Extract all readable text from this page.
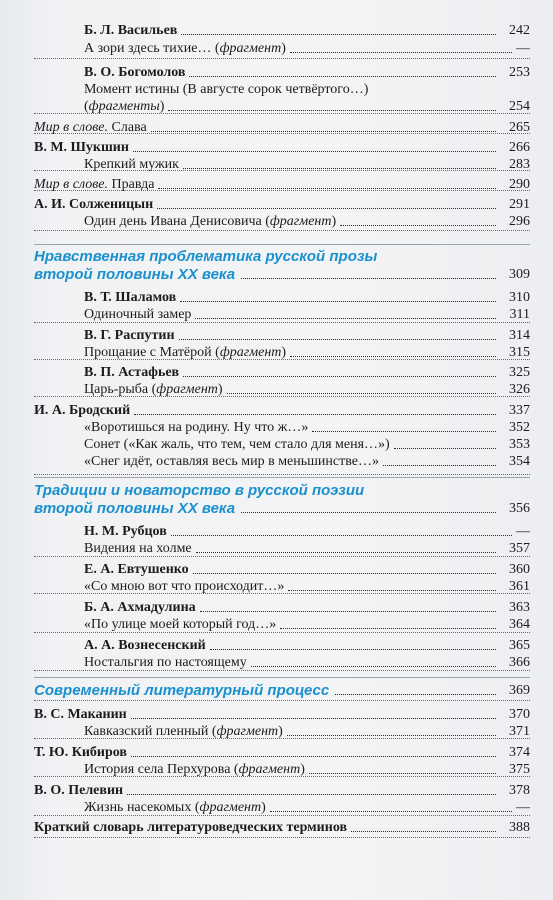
Б. Л. Васильев	242
А зори здесь тихие… (фрагмент)	—
В. О. Богомолов	253
Момент истины (В августе сорок четвёртого…)
(фрагменты)	254
Мир в слове. Слава	265
В. М. Шукшин	266
Крепкий мужик	283
Мир в слове. Правда	290
А. И. Солженицын	291
Один день Ивана Денисовича (фрагмент)	296
В. Т. Шаламов	310
Одиночный замер	311
В. Г. Распутин	314
Прощание с Матёрой (фрагмент)	315
В. П. Астафьев	325
Царь-рыба (фрагмент)	326
И. А. Бродский	337
«Воротишься на родину. Ну что ж…»	352
Сонет («Как жаль, что тем, чем стало для меня…»)	353
«Снег идёт, оставляя весь мир в меньшинстве…»	354
Н. М. Рубцов	—
Видения на холме	357
Е. А. Евтушенко	360
«Со мною вот что происходит…»	361
Б. А. Ахмадулина	363
«По улице моей который год…»	364
А. А. Вознесенский	365
Ностальгия по настоящему	366
В. С. Маканин	370
Кавказский пленный (фрагмент)	371
Т. Ю. Кибиров	374
История села Перхурова (фрагмент)	375
В. О. Пелевин	378
Жизнь насекомых (фрагмент)	—
Краткий словарь литературоведческих терминов	388
Нравственная проблематика русской прозы
второй половины XX века	309
Традиции и новаторство в русской поэзии
второй половины XX века	356
Современный литературный процесс	369
